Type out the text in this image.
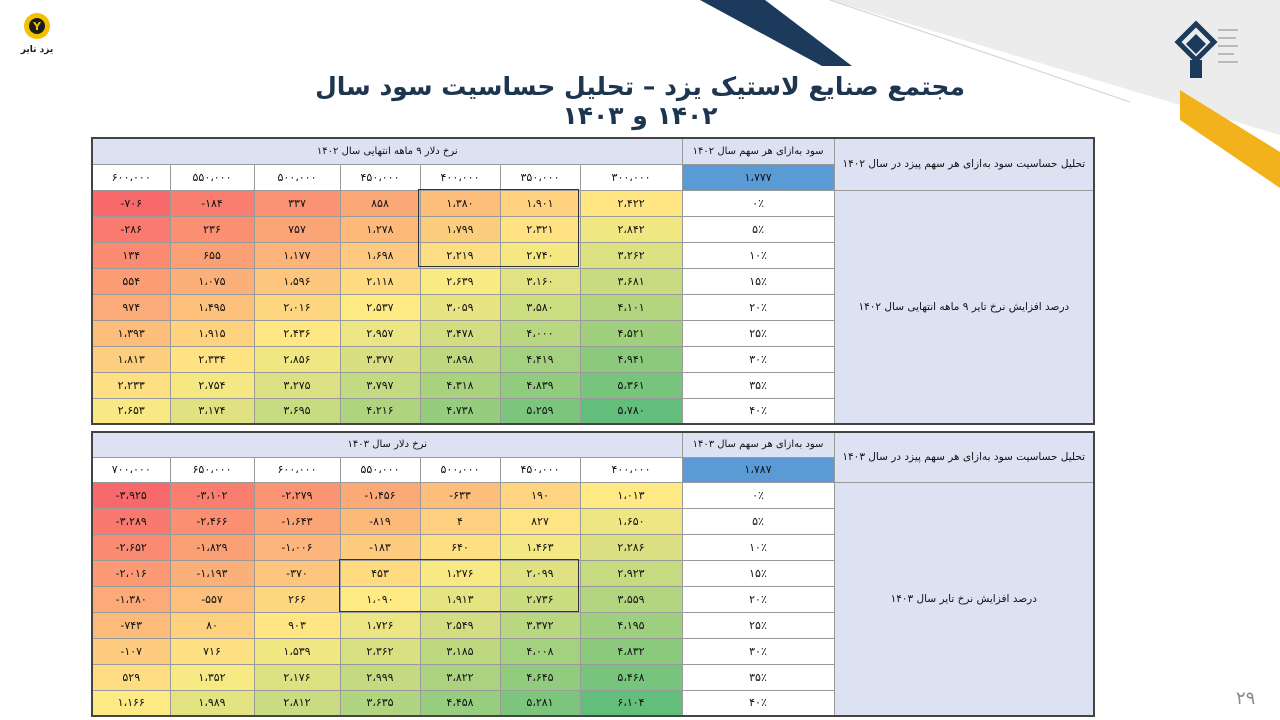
Y
یزد تایر
مجتمع صنایع لاستیک یزد – تحلیل حساسیت سود سال ۱۴۰۲ و ۱۴۰۳
نرخ دلار ۹ ماهه انتهایی سال ۱۴۰۲							سود به‌ازای هر سهم سال ۱۴۰۲	تحلیل حساسیت سود به‌ازای هر سهم پیزد در سال ۱۴۰۲
۶۰۰،۰۰۰	۵۵۰،۰۰۰	۵۰۰،۰۰۰	۴۵۰،۰۰۰	۴۰۰،۰۰۰	۳۵۰،۰۰۰	۳۰۰،۰۰۰	۱،۷۷۷	
-۷۰۶	-۱۸۴	۳۳۷	۸۵۸	۱،۳۸۰	۱،۹۰۱	۲،۴۲۲	۰٪	درصد افزایش نرخ تایر ۹ ماهه انتهایی سال ۱۴۰۲
-۲۸۶	۲۳۶	۷۵۷	۱،۲۷۸	۱،۷۹۹	۲،۳۲۱	۲،۸۴۲	۵٪	
۱۳۴	۶۵۵	۱،۱۷۷	۱،۶۹۸	۲،۲۱۹	۲،۷۴۰	۳،۲۶۲	۱۰٪	
۵۵۴	۱،۰۷۵	۱،۵۹۶	۲،۱۱۸	۲،۶۳۹	۳،۱۶۰	۳،۶۸۱	۱۵٪	
۹۷۴	۱،۴۹۵	۲،۰۱۶	۲،۵۳۷	۳،۰۵۹	۳،۵۸۰	۴،۱۰۱	۲۰٪	
۱،۳۹۳	۱،۹۱۵	۲،۴۳۶	۲،۹۵۷	۳،۴۷۸	۴،۰۰۰	۴،۵۲۱	۲۵٪	
۱،۸۱۳	۲،۳۳۴	۲،۸۵۶	۳،۳۷۷	۳،۸۹۸	۴،۴۱۹	۴،۹۴۱	۳۰٪	
۲،۲۳۳	۲،۷۵۴	۳،۲۷۵	۳،۷۹۷	۴،۳۱۸	۴،۸۳۹	۵،۳۶۱	۳۵٪	
۲،۶۵۳	۳،۱۷۴	۳،۶۹۵	۴،۲۱۶	۴،۷۳۸	۵،۲۵۹	۵،۷۸۰	۴۰٪	
نرخ دلار سال ۱۴۰۳							سود به‌ازای هر سهم سال ۱۴۰۳	تحلیل حساسیت سود به‌ازای هر سهم پیزد در سال ۱۴۰۳
۷۰۰،۰۰۰	۶۵۰،۰۰۰	۶۰۰،۰۰۰	۵۵۰،۰۰۰	۵۰۰،۰۰۰	۴۵۰،۰۰۰	۴۰۰،۰۰۰	۱،۷۸۷	
-۳،۹۲۵	-۳،۱۰۲	-۲،۲۷۹	-۱،۴۵۶	-۶۳۳	۱۹۰	۱،۰۱۳	۰٪	درصد افزایش نرخ تایر سال ۱۴۰۳
-۳،۲۸۹	-۲،۴۶۶	-۱،۶۴۳	-۸۱۹	۴	۸۲۷	۱،۶۵۰	۵٪	
-۲،۶۵۲	-۱،۸۲۹	-۱،۰۰۶	-۱۸۳	۶۴۰	۱،۴۶۳	۲،۲۸۶	۱۰٪	
-۲،۰۱۶	-۱،۱۹۳	-۳۷۰	۴۵۳	۱،۲۷۶	۲،۰۹۹	۲،۹۲۳	۱۵٪	
-۱،۳۸۰	-۵۵۷	۲۶۶	۱،۰۹۰	۱،۹۱۳	۲،۷۳۶	۳،۵۵۹	۲۰٪	
-۷۴۳	۸۰	۹۰۳	۱،۷۲۶	۲،۵۴۹	۳،۳۷۲	۴،۱۹۵	۲۵٪	
-۱۰۷	۷۱۶	۱،۵۳۹	۲،۳۶۲	۳،۱۸۵	۴،۰۰۸	۴،۸۳۲	۳۰٪	
۵۲۹	۱،۳۵۲	۲،۱۷۶	۲،۹۹۹	۳،۸۲۲	۴،۶۴۵	۵،۴۶۸	۳۵٪	
۱،۱۶۶	۱،۹۸۹	۲،۸۱۲	۳،۶۳۵	۴،۴۵۸	۵،۲۸۱	۶،۱۰۴	۴۰٪		۲۹
